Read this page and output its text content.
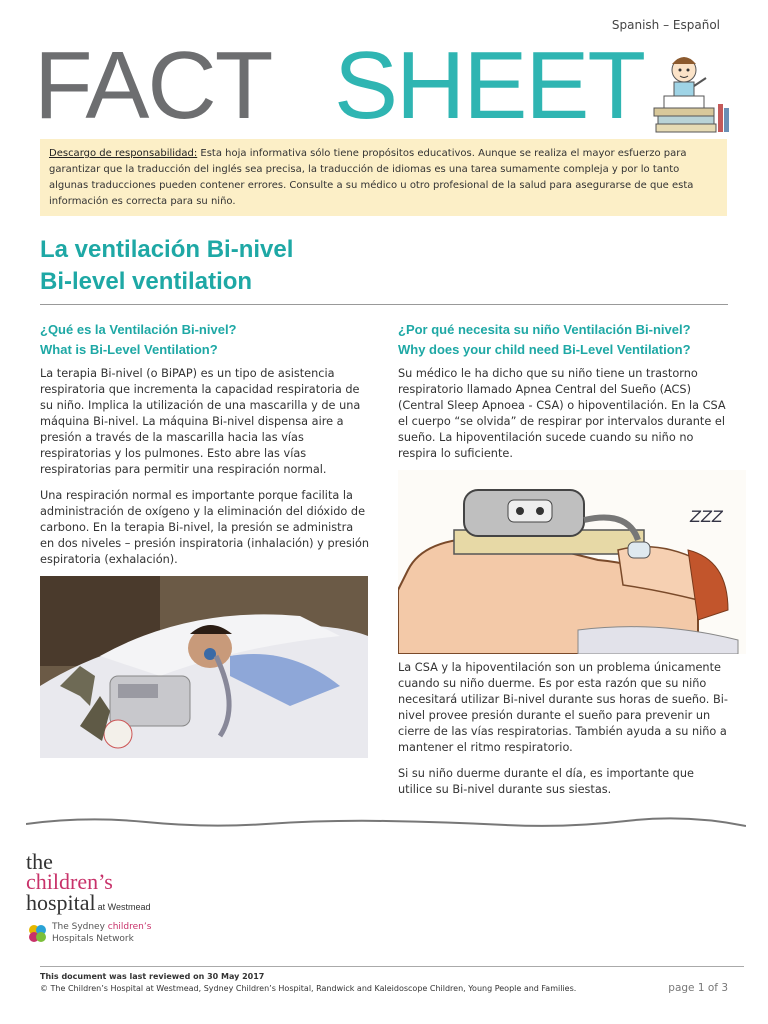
Spanish – Español
FACT SHEET
Descargo de responsabilidad: Esta hoja informativa sólo tiene propósitos educativos. Aunque se realiza el mayor esfuerzo para garantizar que la traducción del inglés sea precisa, la traducción de idiomas es una tarea sumamente compleja y por lo tanto algunas traducciones pueden contener errores. Consulte a su médico u otro profesional de la salud para asegurarse de que esta información es correcta para su niño.
La ventilación Bi-nivel
Bi-level ventilation
¿Qué es la Ventilación Bi-nivel?
What is Bi-Level Ventilation?

La terapia Bi-nivel (o BiPAP) es un tipo de asistencia respiratoria que incrementa la capacidad respiratoria de su niño. Implica la utilización de una mascarilla y de una máquina Bi-nivel. La máquina Bi-nivel dispensa aire a presión a través de la mascarilla hacia las vías respiratorias y los pulmones. Esto abre las vías respiratorias para permitir una respiración normal.

Una respiración normal es importante porque facilita la administración de oxígeno y la eliminación del dióxido de carbono. En la terapia Bi-nivel, la presión se administra en dos niveles – presión inspiratoria (inhalación) y presión espiratoria (exhalación).

¿Por qué necesita su niño Ventilación Bi-nivel?
Why does your child need Bi-Level Ventilation?

Su médico le ha dicho que su niño tiene un trastorno respiratorio llamado Apnea Central del Sueño (ACS) (Central Sleep Apnoea - CSA) o hipoventilación. En la CSA el cuerpo “se olvida” de respirar por intervalos durante el sueño. La hipoventilación sucede cuando su niño no respira lo suficiente.

ZZZ

La CSA y la hipoventilación son un problema únicamente cuando su niño duerme. Es por esta razón que su niño necesitará utilizar Bi-nivel durante sus horas de sueño. Bi-nivel provee presión durante el sueño para prevenir un cierre de las vías respiratorias. También ayuda a su niño a mantener el ritmo respiratorio.

Si su niño duerme durante el día, es importante que utilice su Bi-nivel durante sus siestas.

the
children’s
hospital at Westmead
The Sydney children’s
Hospitals Network
This document was last reviewed on 30 May 2017
© The Children’s Hospital at Westmead, Sydney Children’s Hospital, Randwick and Kaleidoscope Children, Young People and Families.	page 1 of 3
